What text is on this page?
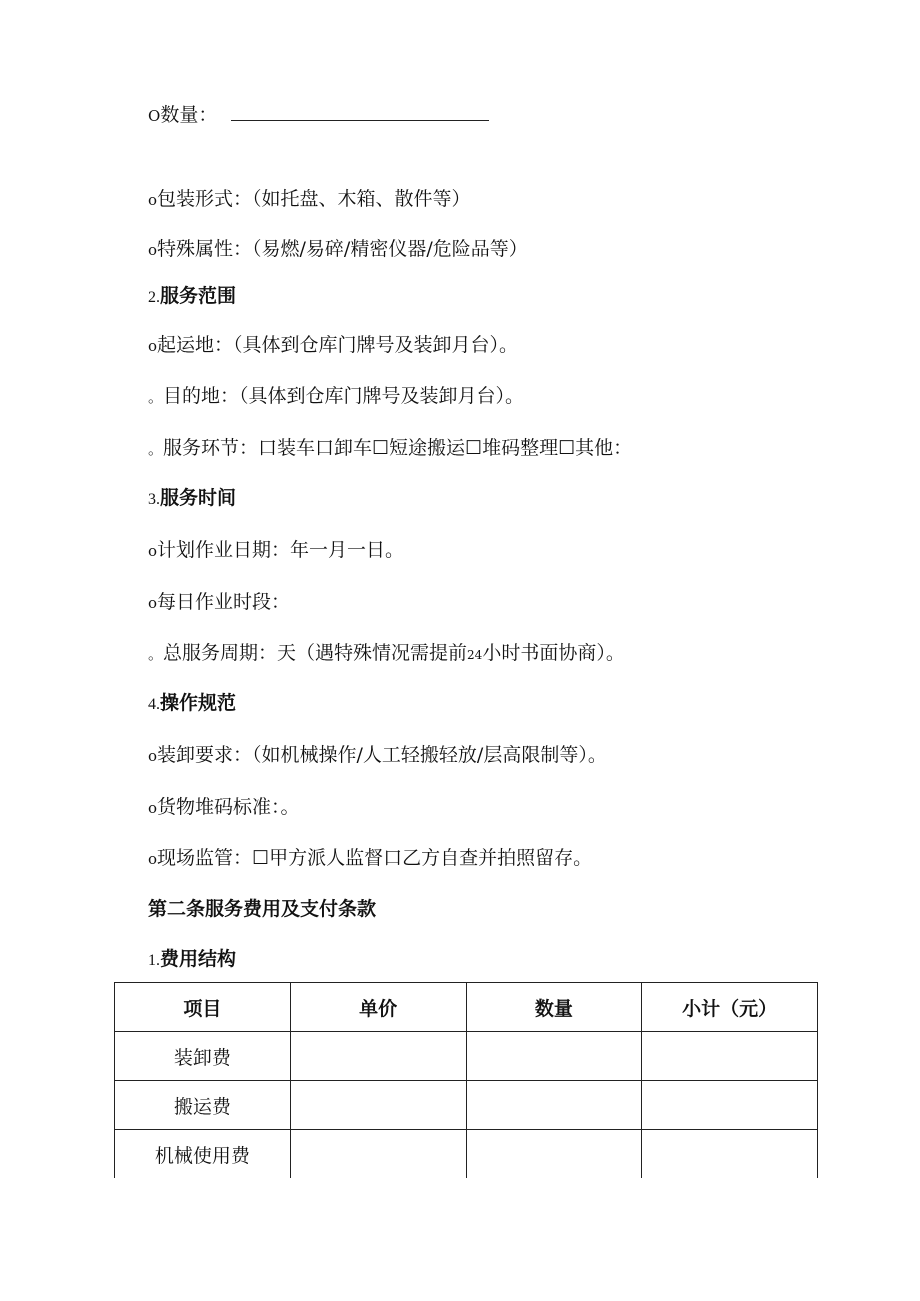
O数量：
o包装形式：（如托盘、木箱、散件等）
o特殊属性：（易燃/易碎/精密仪器/危险品等）
2.服务范围
o起运地：（具体到仓库门牌号及装卸月台）。
。目的地：（具体到仓库门牌号及装卸月台）。
。服务环节：口装车口卸车☐短途搬运☐堆码整理☐其他：
3.服务时间
o计划作业日期：年一月一日。
o每日作业时段：
。总服务周期：天（遇特殊情况需提前24小时书面协商）。
4.操作规范
o装卸要求：（如机械操作/人工轻搬轻放/层高限制等）。
o货物堆码标准：。
o现场监管：☐甲方派人监督口乙方自查并拍照留存。
第二条服务费用及支付条款
1.费用结构
项目	单价	数量	小计（元）
装卸费			
搬运费			
机械使用费			
